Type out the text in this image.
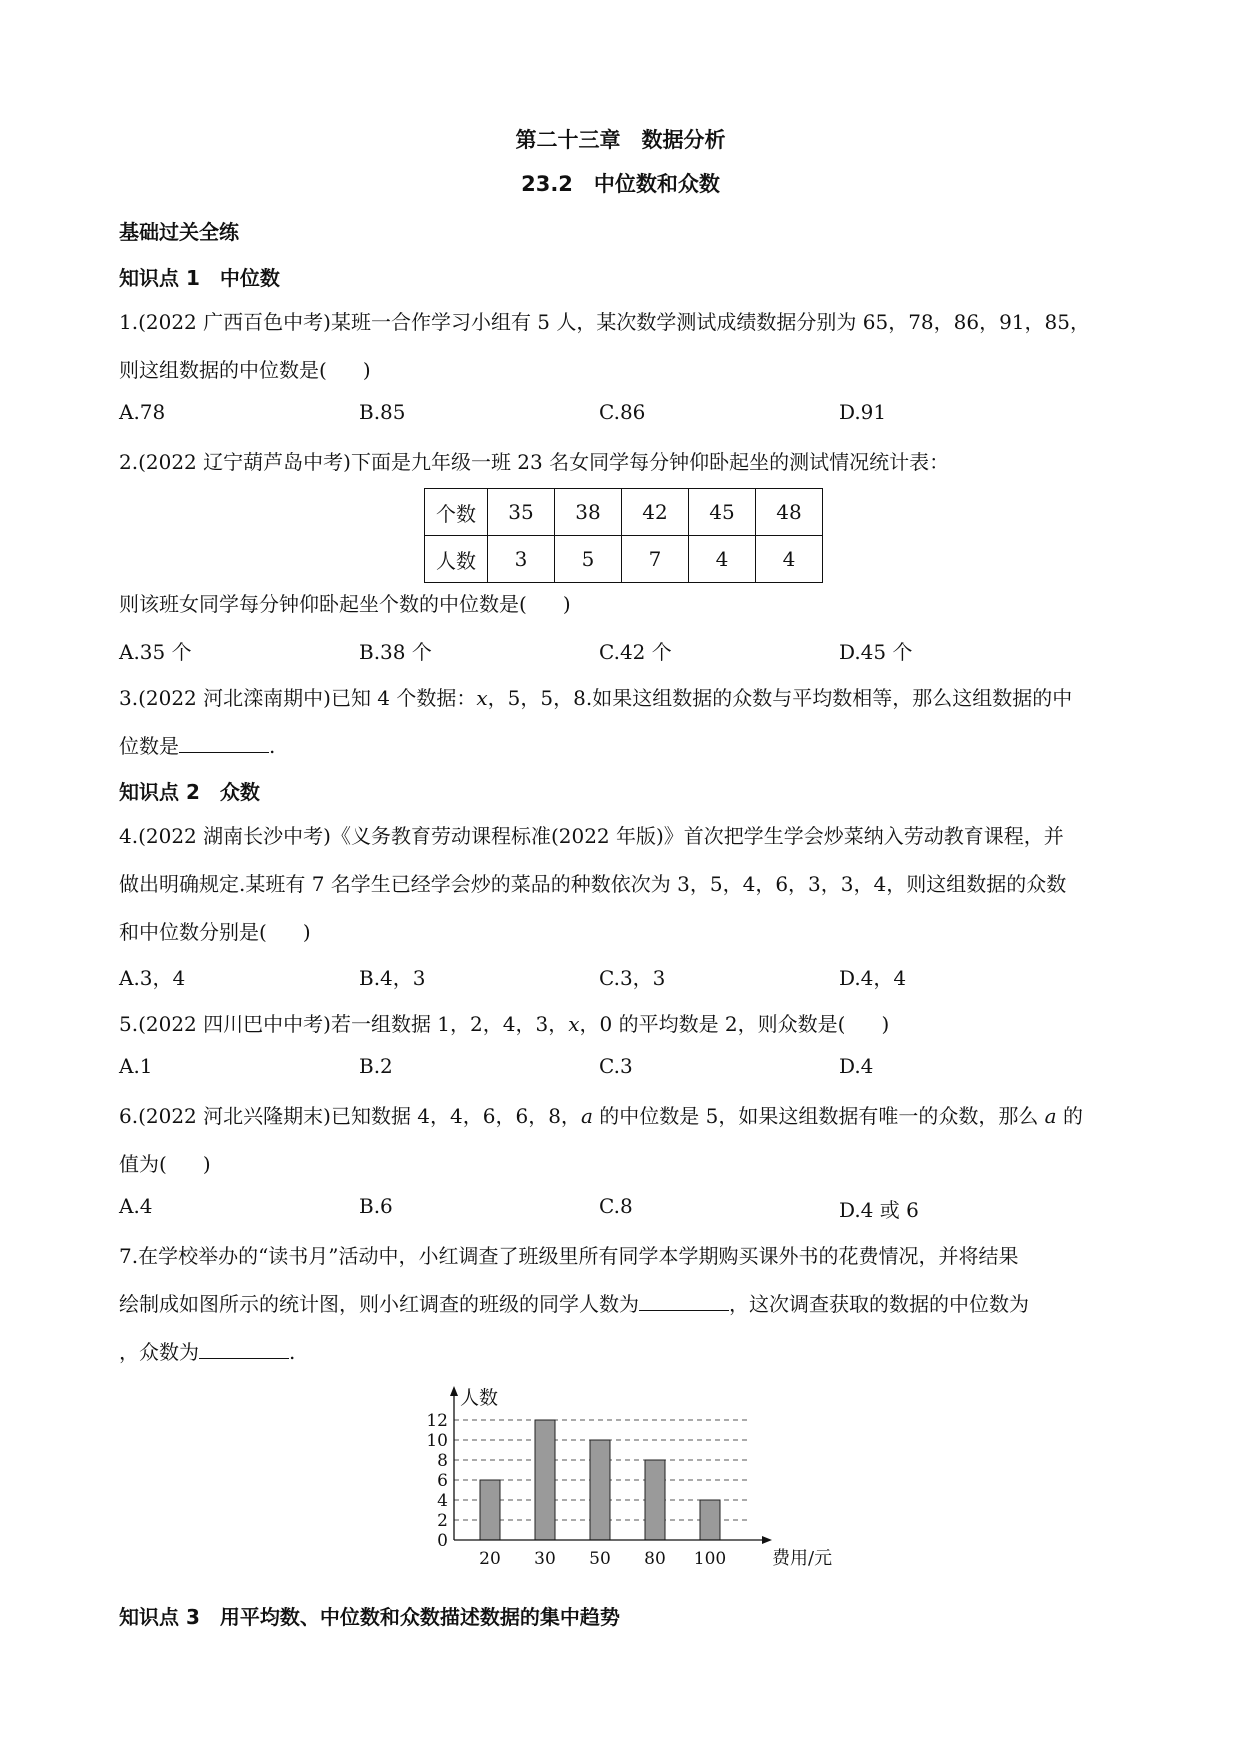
第二十三章　数据分析
23.2　中位数和众数
基础过关全练
知识点 1　中位数
1.(2022 广西百色中考)某班一合作学习小组有 5 人，某次数学测试成绩数据分别为 65，78，86，91，85，
则这组数据的中位数是( )
A.78	B.85	C.86	D.91
2.(2022 辽宁葫芦岛中考)下面是九年级一班 23 名女同学每分钟仰卧起坐的测试情况统计表：
个数	35	38	42	45	48
人数	3	5	7	4	4
则该班女同学每分钟仰卧起坐个数的中位数是( )
A.35 个	B.38 个	C.42 个	D.45 个
3.(2022 河北滦南期中)已知 4 个数据：x，5，5，8.如果这组数据的众数与平均数相等，那么这组数据的中
位数是	.
知识点 2　众数
4.(2022 湖南长沙中考)《义务教育劳动课程标准(2022 年版)》首次把学生学会炒菜纳入劳动教育课程，并
做出明确规定.某班有 7 名学生已经学会炒的菜品的种数依次为 3，5，4，6，3，3，4，则这组数据的众数
和中位数分别是( )
A.3，4	B.4，3	C.3，3	D.4，4
5.(2022 四川巴中中考)若一组数据 1，2，4，3，x，0 的平均数是 2，则众数是( )
A.1	B.2	C.3	D.4
6.(2022 河北兴隆期末)已知数据 4，4，6，6，8，a 的中位数是 5，如果这组数据有唯一的众数，那么 a 的
值为( )
A.4	B.6	C.8	D.4 或 6
7.在学校举办的“读书月”活动中，小红调查了班级里所有同学本学期购买课外书的花费情况，并将结果
绘制成如图所示的统计图，则小红调查的班级的同学人数为	，这次调查获取的数据的中位数为
，众数为	.
0
2
4
6
8
10
12
20 30 50 80 100
人数
费用/元
知识点 3　用平均数、中位数和众数描述数据的集中趋势
